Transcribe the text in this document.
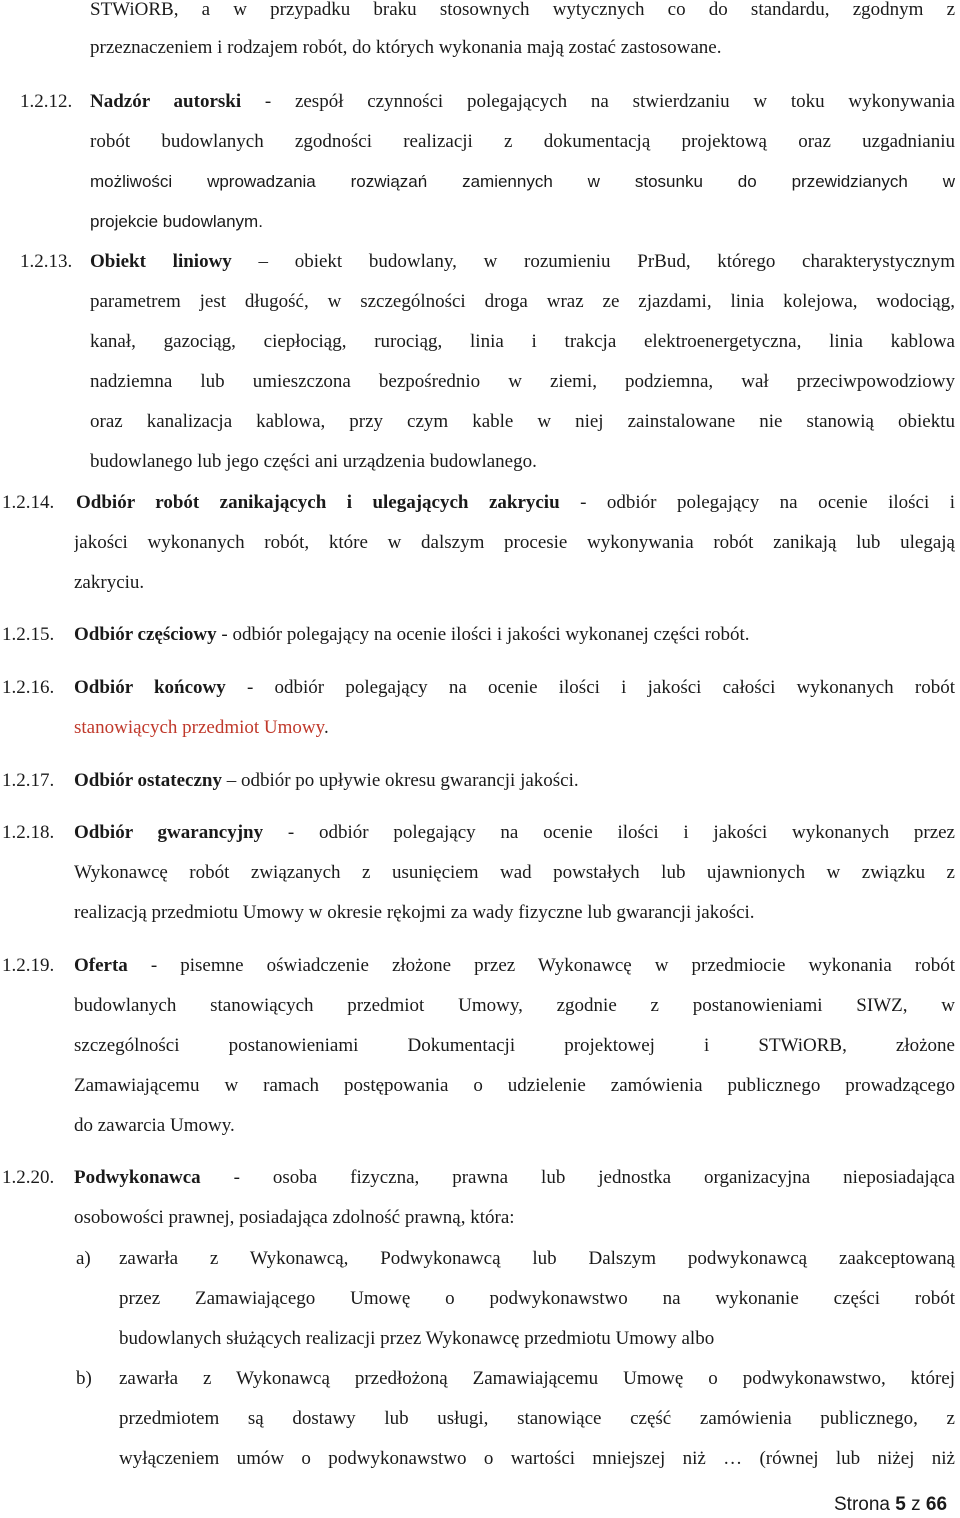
STWiORB, a w przypadku braku stosownych wytycznych co do standardu, zgodnym z
przeznaczeniem i rodzajem robót, do których wykonania mają zostać zastosowane.
1.2.12. Nadzór autorski - zespół czynności polegających na stwierdzaniu w toku wykonywania
robót budowlanych zgodności realizacji z dokumentacją projektową oraz uzgadnianiu
możliwości wprowadzania rozwiązań zamiennych w stosunku do przewidzianych w
projekcie budowlanym.
1.2.13. Obiekt liniowy – obiekt budowlany, w rozumieniu PrBud, którego charakterystycznym
parametrem jest długość, w szczególności droga wraz ze zjazdami, linia kolejowa, wodociąg,
kanał, gazociąg, ciepłociąg, rurociąg, linia i trakcja elektroenergetyczna, linia kablowa
nadziemna lub umieszczona bezpośrednio w ziemi, podziemna, wał przeciwpowodziowy
oraz kanalizacja kablowa, przy czym kable w niej zainstalowane nie stanowią obiektu
budowlanego lub jego części ani urządzenia budowlanego.
1.2.14. Odbiór robót zanikających i ulegających zakryciu - odbiór polegający na ocenie ilości i
jakości wykonanych robót, które w dalszym procesie wykonywania robót zanikają lub ulegają
zakryciu.
1.2.15. Odbiór częściowy - odbiór polegający na ocenie ilości i jakości wykonanej części robót.
1.2.16. Odbiór końcowy - odbiór polegający na ocenie ilości i jakości całości wykonanych robót
stanowiących przedmiot Umowy.
1.2.17. Odbiór ostateczny – odbiór po upływie okresu gwarancji jakości.
1.2.18. Odbiór gwarancyjny - odbiór polegający na ocenie ilości i jakości wykonanych przez
Wykonawcę robót związanych z usunięciem wad powstałych lub ujawnionych w związku z
realizacją przedmiotu Umowy w okresie rękojmi za wady fizyczne lub gwarancji jakości.
1.2.19. Oferta - pisemne oświadczenie złożone przez Wykonawcę w przedmiocie wykonania robót
budowlanych stanowiących przedmiot Umowy, zgodnie z postanowieniami SIWZ, w
szczególności postanowieniami Dokumentacji projektowej i STWiORB, złożone
Zamawiającemu w ramach postępowania o udzielenie zamówienia publicznego prowadzącego
do zawarcia Umowy.
1.2.20. Podwykonawca - osoba fizyczna, prawna lub jednostka organizacyjna nieposiadająca
osobowości prawnej, posiadająca zdolność prawną, która:
a) zawarła z Wykonawcą, Podwykonawcą lub Dalszym podwykonawcą zaakceptowaną
przez Zamawiającego Umowę o podwykonawstwo na wykonanie części robót
budowlanych służących realizacji przez Wykonawcę przedmiotu Umowy albo
b) zawarła z Wykonawcą przedłożoną Zamawiającemu Umowę o podwykonawstwo, której
przedmiotem są dostawy lub usługi, stanowiące część zamówienia publicznego, z
wyłączeniem umów o podwykonawstwo o wartości mniejszej niż … (równej lub niżej niż
Strona 5 z 66
